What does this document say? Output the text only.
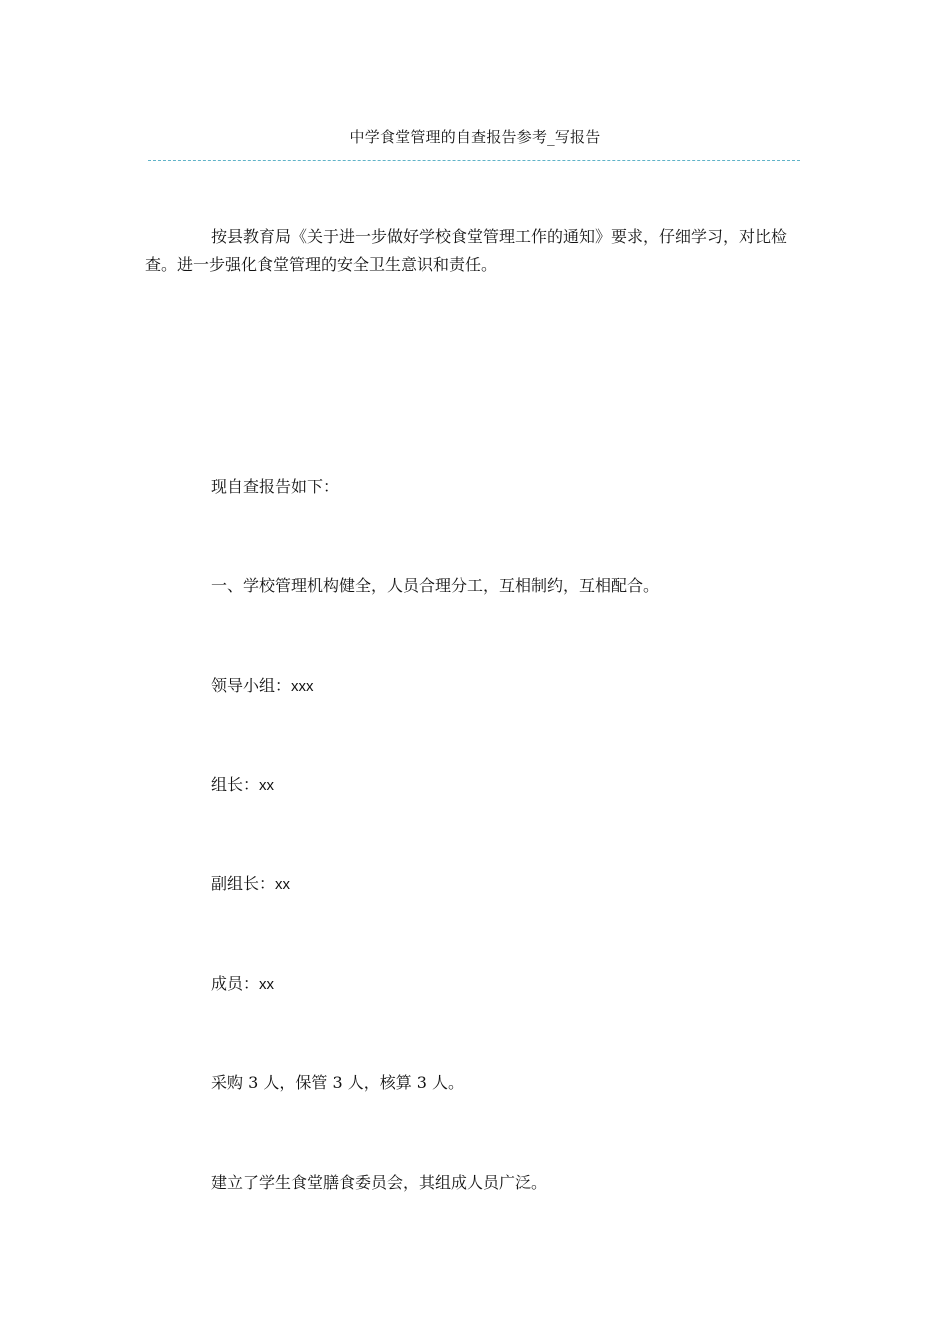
中学食堂管理的自查报告参考_写报告

按县教育局《关于进一步做好学校食堂管理工作的通知》要求，仔细学习，对比检查。进一步强化食堂管理的安全卫生意识和责任。

现自查报告如下：
一、学校管理机构健全，人员合理分工，互相制约，互相配合。
领导小组：xxx
组长：xx
副组长：xx
成员：xx
采购 3 人，保管 3 人，核算 3 人。
建立了学生食堂膳食委员会，其组成人员广泛。
